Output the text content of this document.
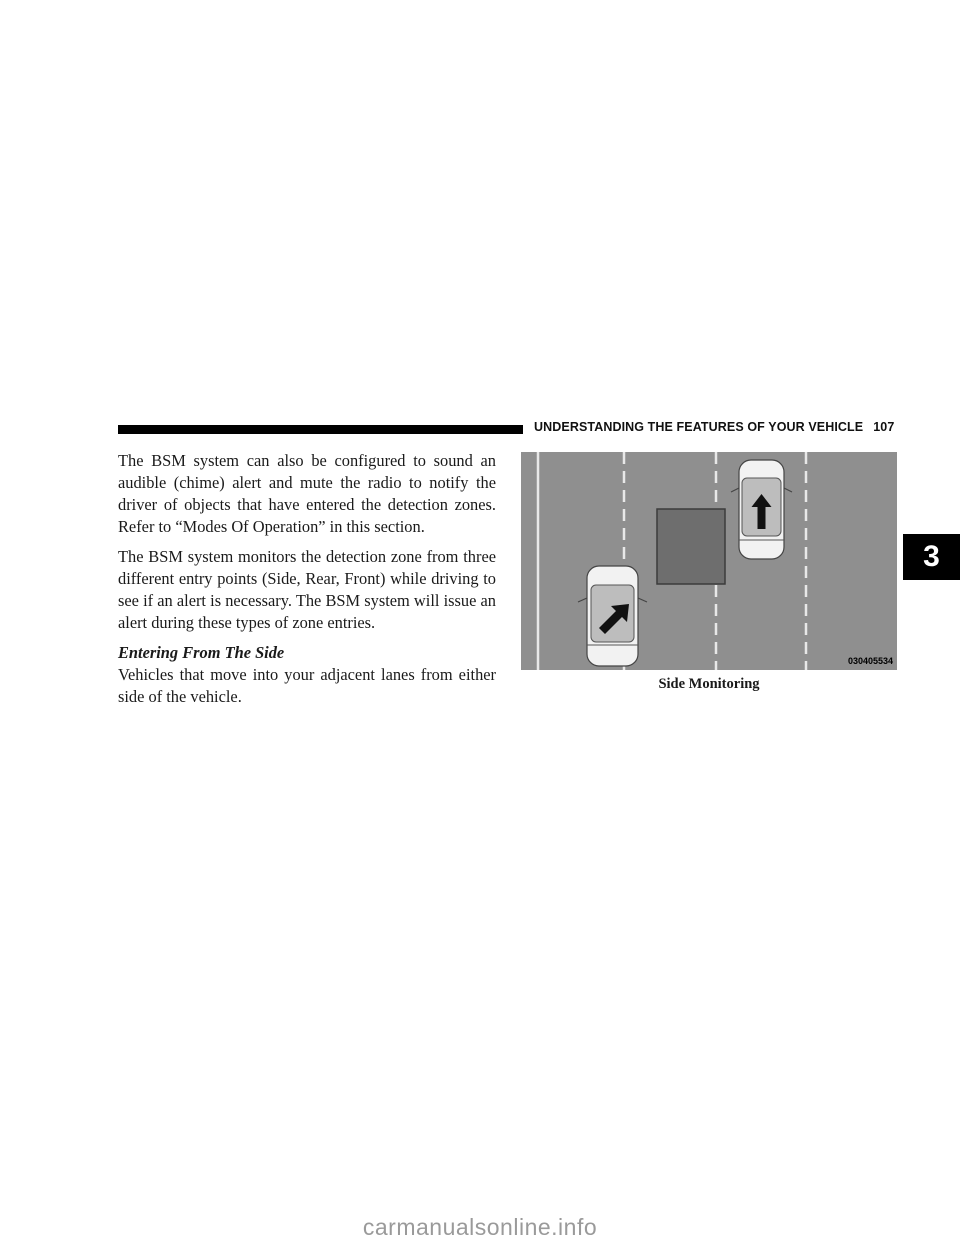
UNDERSTANDING THE FEATURES OF YOUR VEHICLE 107
3

The BSM system can also be configured to sound an audible (chime) alert and mute the radio to notify the driver of objects that have entered the detection zones. Refer to “Modes Of Operation” in this section.

The BSM system monitors the detection zone from three different entry points (Side, Rear, Front) while driving to see if an alert is necessary. The BSM system will issue an alert during these types of zone entries.

Entering From The Side

Vehicles that move into your adjacent lanes from either side of the vehicle.

030405534
Side Monitoring
carmanualsonline.info
